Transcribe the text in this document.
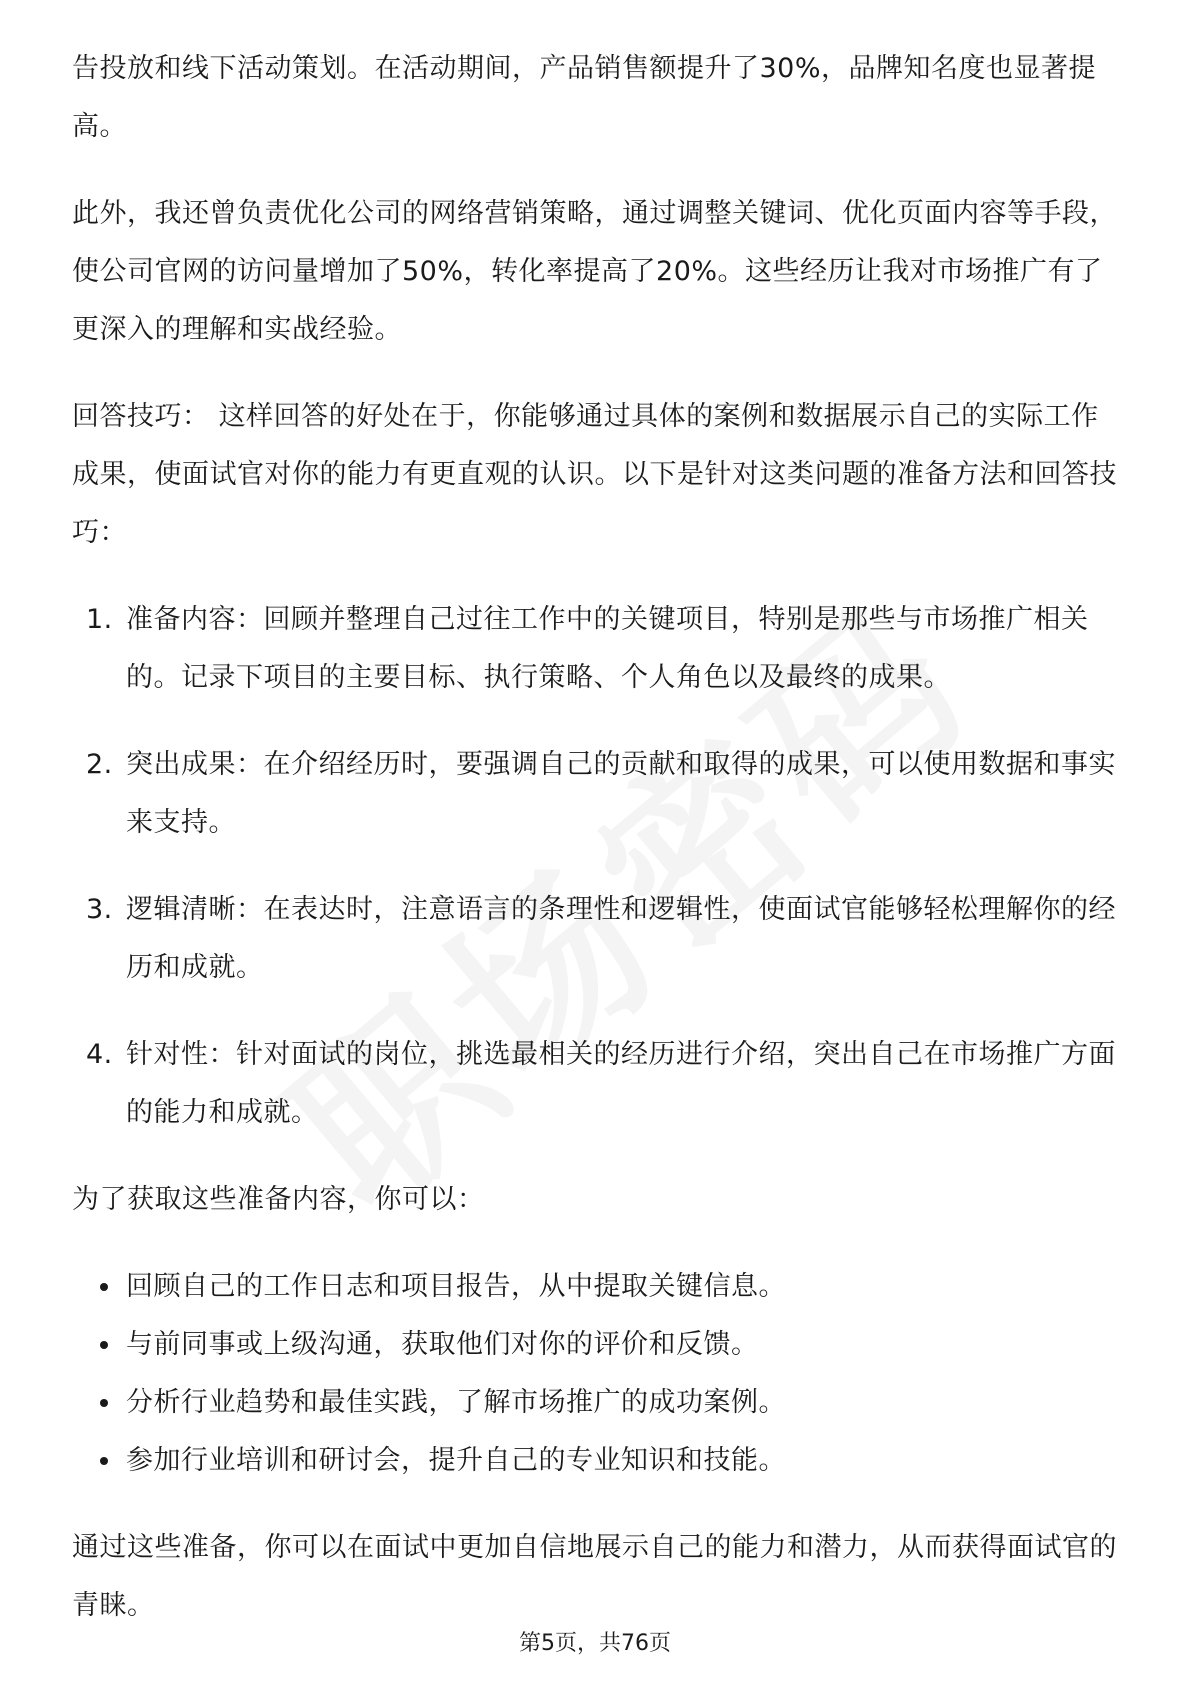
告投放和线下活动策划。在活动期间，产品销售额提升了30%，品牌知名度也显著提高。

此外，我还曾负责优化公司的网络营销策略，通过调整关键词、优化页面内容等手段，使公司官网的访问量增加了50%，转化率提高了20%。这些经历让我对市场推广有了更深入的理解和实战经验。

回答技巧： 这样回答的好处在于，你能够通过具体的案例和数据展示自己的实际工作成果，使面试官对你的能力有更直观的认识。以下是针对这类问题的准备方法和回答技巧：

1. 准备内容：回顾并整理自己过往工作中的关键项目，特别是那些与市场推广相关的。记录下项目的主要目标、执行策略、个人角色以及最终的成果。
2. 突出成果：在介绍经历时，要强调自己的贡献和取得的成果，可以使用数据和事实来支持。
3. 逻辑清晰：在表达时，注意语言的条理性和逻辑性，使面试官能够轻松理解你的经历和成就。
4. 针对性：针对面试的岗位，挑选最相关的经历进行介绍，突出自己在市场推广方面的能力和成就。

为了获取这些准备内容，你可以：

回顾自己的工作日志和项目报告，从中提取关键信息。
与前同事或上级沟通，获取他们对你的评价和反馈。
分析行业趋势和最佳实践，了解市场推广的成功案例。
参加行业培训和研讨会，提升自己的专业知识和技能。

通过这些准备，你可以在面试中更加自信地展示自己的能力和潜力，从而获得面试官的青睐。

第5页，共76页
